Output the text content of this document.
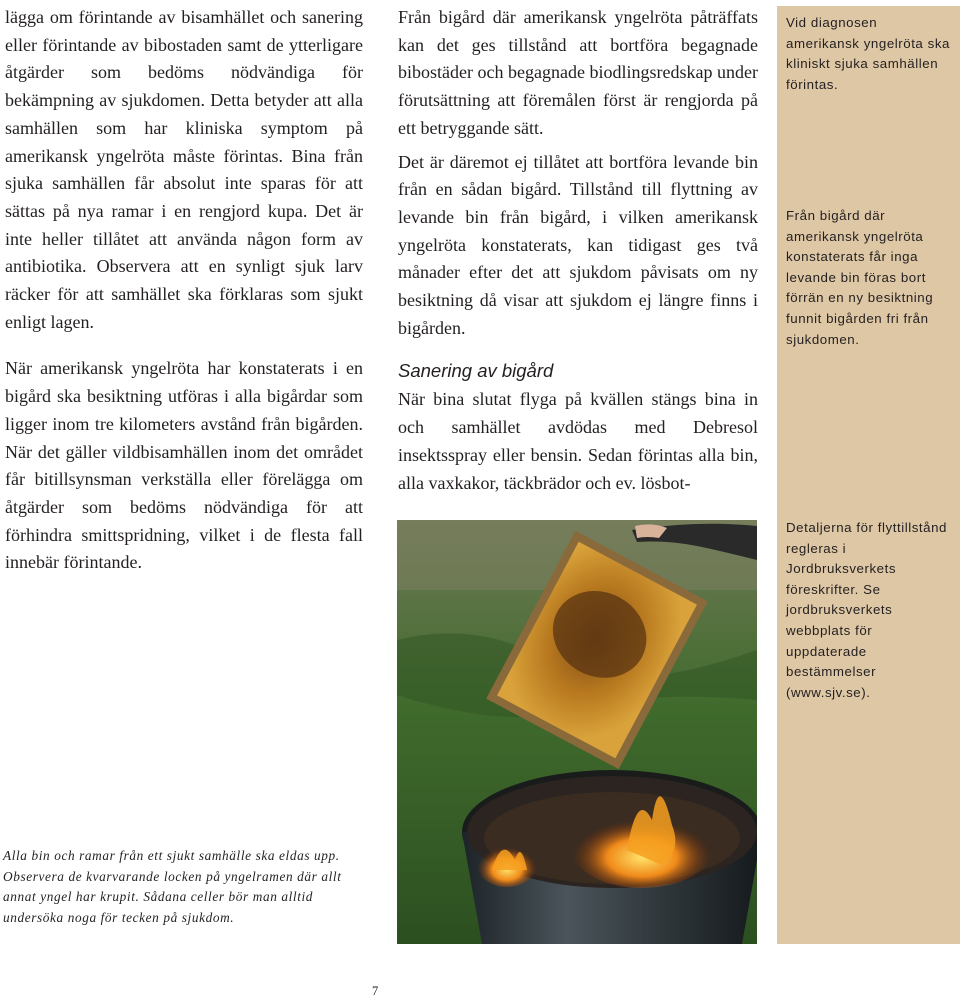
lägga om förintande av bisamhället och sanering eller förintande av bibostaden samt de ytterligare åtgärder som bedöms nödvändiga för bekämpning av sjukdomen. Detta betyder att alla samhällen som har kliniska symptom på amerikansk yngelröta måste förintas. Bina från sjuka samhällen får absolut inte sparas för att sättas på nya ramar i en rengjord kupa. Det är inte heller tillåtet att använda någon form av antibiotika. Observera att en synligt sjuk larv räcker för att samhället ska förklaras som sjukt enligt lagen.

När amerikansk yngelröta har konstaterats i en bigård ska besiktning utföras i alla bigårdar som ligger inom tre kilometers avstånd från bigården. När det gäller vildbisamhällen inom det området får bitillsynsman verkställa eller förelägga om åtgärder som bedöms nödvändiga för att förhindra smittspridning, vilket i de flesta fall innebär förintande.

Från bigård där amerikansk yngelröta påträffats kan det ges tillstånd att bortföra begagnade bibostäder och begagnade biodlingsredskap under förutsättning att föremålen först är rengjorda på ett betryggande sätt.

Det är däremot ej tillåtet att bortföra levande bin från en sådan bigård. Tillstånd till flyttning av levande bin från bigård, i vilken amerikansk yngelröta konstaterats, kan tidigast ges två månader efter det att sjukdom påvisats om ny besiktning då visar att sjukdom ej längre finns i bigården.

Sanering av bigård

När bina slutat flyga på kvällen stängs bina in och samhället avdödas med Debresol insektsspray eller bensin. Sedan förintas alla bin, alla vaxkakor, täckbrädor och ev. lösbot-

Vid diagnosen amerikansk yngelröta ska kliniskt sjuka samhällen förintas.
Från bigård där amerikansk yngelröta konstaterats får inga levande bin föras bort förrän en ny besiktning funnit bigården fri från sjukdomen.
Detaljerna för flyttillstånd regleras i Jordbruksverkets föreskrifter. Se jordbruksverkets webbplats för uppdaterade bestämmelser (www.sjv.se).
Alla bin och ramar från ett sjukt samhälle ska eldas upp. Observera de kvarvarande locken på yngelramen där allt annat yngel har krupit. Sådana celler bör man alltid undersöka noga för tecken på sjukdom.
7
